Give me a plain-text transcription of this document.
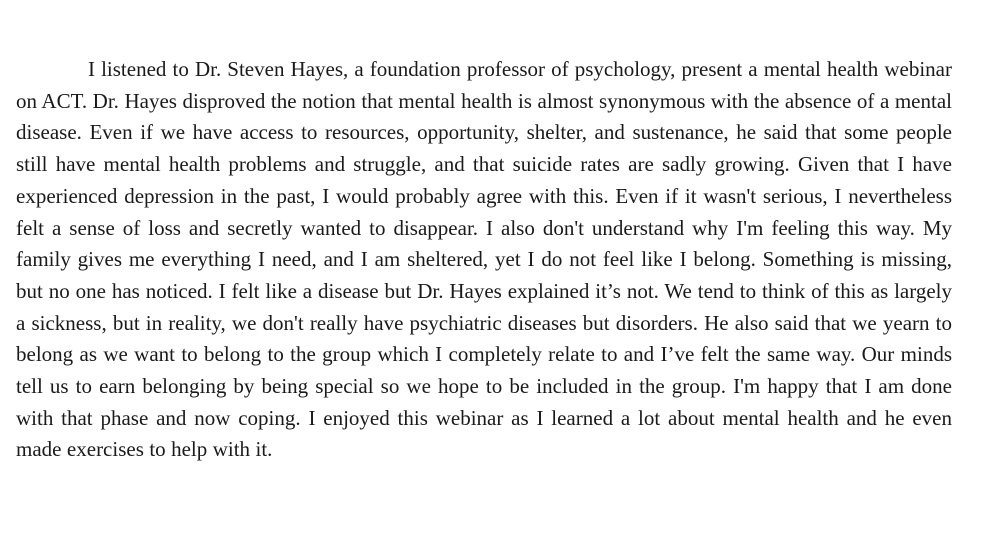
I listened to Dr. Steven Hayes, a foundation professor of psychology, present a mental health webinar on ACT. Dr. Hayes disproved the notion that mental health is almost synonymous with the absence of a mental disease. Even if we have access to resources, opportunity, shelter, and sustenance, he said that some people still have mental health problems and struggle, and that suicide rates are sadly growing. Given that I have experienced depression in the past, I would probably agree with this. Even if it wasn't serious, I nevertheless felt a sense of loss and secretly wanted to disappear. I also don't understand why I'm feeling this way. My family gives me everything I need, and I am sheltered, yet I do not feel like I belong. Something is missing, but no one has noticed. I felt like a disease but Dr. Hayes explained it’s not. We tend to think of this as largely a sickness, but in reality, we don't really have psychiatric diseases but disorders. He also said that we yearn to belong as we want to belong to the group which I completely relate to and I’ve felt the same way. Our minds tell us to earn belonging by being special so we hope to be included in the group. I'm happy that I am done with that phase and now coping. I enjoyed this webinar as I learned a lot about mental health and he even made exercises to help with it.
